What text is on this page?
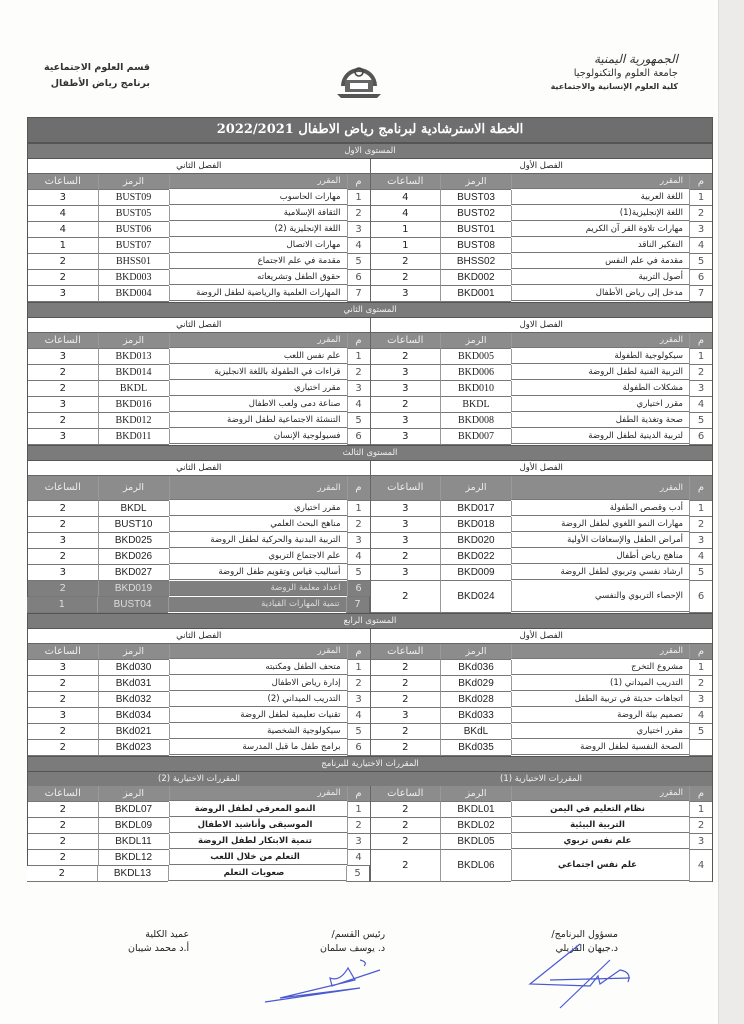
الجمهورية اليمنية
جامعة العلوم والتكنولوجيا
كلية العلوم الإنسانية والاجتماعية
قسم العلوم الاجتماعية
برنامج رياض الأطفال
الخطة الاسترشادية لبرنامج رياض الاطفال 2022/2021
المستوى الاول
الفصل الأول
الفصل الثاني
م
المقرر
الرمز
الساعات
م
المقرر
الرمز
الساعات
1
اللغة العربية
BUST03
4
1
مهارات الحاسوب
BUST09
3
2
اللغة الإنجليزية(1)
BUST02
4
2
الثقافة الإسلامية
BUST05
4
3
مهارات تلاوة القر آن الكريم
BUST01
1
3
اللغة الإنجليزية (2)
BUST06
4
4
التفكير الناقد
BUST08
1
4
مهارات الاتصال
BUST07
1
5
مقدمة في علم النفس
BHSS02
2
5
مقدمة في علم الاجتماع
BHSS01
2
6
أصول التربية
BKD002
2
6
حقوق الطفل وتشريعاته
BKD003
2
7
مدخل إلى رياض الأطفال
BKD001
3
7
المهارات العلمية والرياضية لطفل الروضة
BKD004
3
المستوى الثاني
الفصل الاول
الفصل الثاني
م
المقرر
الرمز
الساعات
م
المقرر
الرمز
الساعات
1
سيكولوجية الطفولة
BKD005
2
1
علم نفس اللعب
BKD013
3
2
التربية الفنية لطفل الروضة
BKD006
3
2
قراءات في الطفولة باللغة الانجليزية
BKD014
2
3
مشكلات الطفولة
BKD010
3
3
مقرر اختياري
BKDL
2
4
مقرر اختياري
BKDL
2
4
صناعة دمى ولعب الاطفال
BKD016
3
5
صحة وتغذية الطفل
BKD008
3
5
التنشئة الاجتماعية لطفل الروضة
BKD012
2
6
لتربية الدينية لطفل الروضة
BKD007
3
6
فسيولوجية الإنسان
BKD011
3
المستوى الثالث
الفصل الأول
الفصل الثاني
م
المقرر
الرمز
الساعات
م
المقرر
الرمز
الساعات
1
أدب وقصص الطفولة
BKD017
3
1
مقرر اختياري
BKDL
2
2
مهارات النمو اللغوي لطفل الروضة
BKD018
3
2
مناهج البحث العلمي
BUST10
2
3
أمراض الطفل والإسعافات الأولية
BKD020
3
3
التربية البدنية والحركية لطفل الروضة
BKD025
3
4
مناهج رياض أطفال
BKD022
2
4
علم الاجتماع التربوي
BKD026
2
5
ارشاد نفسي وتربوي لطفل الروضة
BKD009
3
5
أساليب قياس وتقويم طفل الروضة
BKD027
3
6
الإحصاء التربوي والنفسي
BKD024
2
6
اعداد معلمة الروضة
BKD019
2
7
تنمية المهارات القيادية
BUST04
1
المستوى الرابع
الفصل الأول
الفصل الثاني
م
المقرر
الرمز
الساعات
م
المقرر
الرمز
الساعات
1
مشروع التخرج
BKd036
2
1
متحف الطفل ومكتبته
BKd030
3
2
التدريب الميداني (1)
BKd029
2
2
إدارة رياض الاطفال
BKd031
2
3
اتجاهات حديثة في تربية الطفل
BKd028
2
3
التدريب الميداني (2)
BKd032
2
4
تصميم بيئة الروضة
BKd033
3
4
تقنيات تعليمية لطفل الروضة
BKd034
3
5
مقرر اختياري
BKdL
2
5
سيكولوجية الشخصية
BKd021
2
الصحة النفسية لطفل الروضة
BKd035
2
6
برامج طفل ما قبل المدرسة
BKd023
2
المقررات الاختيارية للبرنامج
المقررات الاختيارية (1)
المقررات الاختيارية (2)
م
المقرر
الرمز
الساعات
م
المقرر
الرمز
الساعات
1
نظام التعليم في اليمن
BKDL01
2
1
النمو المعرفي لطفل الروضة
BKDL07
2
2
التربية البيئية
BKDL02
2
2
الموسيقى وأناشيد الاطفال
BKDL09
2
3
علم نفس تربوي
BKDL05
2
3
تنمية الابتكار لطفل الروضة
BKDL11
2
4
علم نفس اجتماعي
BKDL06
2
4
التعلم من خلال اللعب
BKDL12
2
5
صعوبات التعلم
BKDL13
2
مسؤول البرنامج/
د.جيهان القزيلي
رئيس القسم/
د. يوسف سلمان
عميد الكلية
أ.د محمد شيبان
